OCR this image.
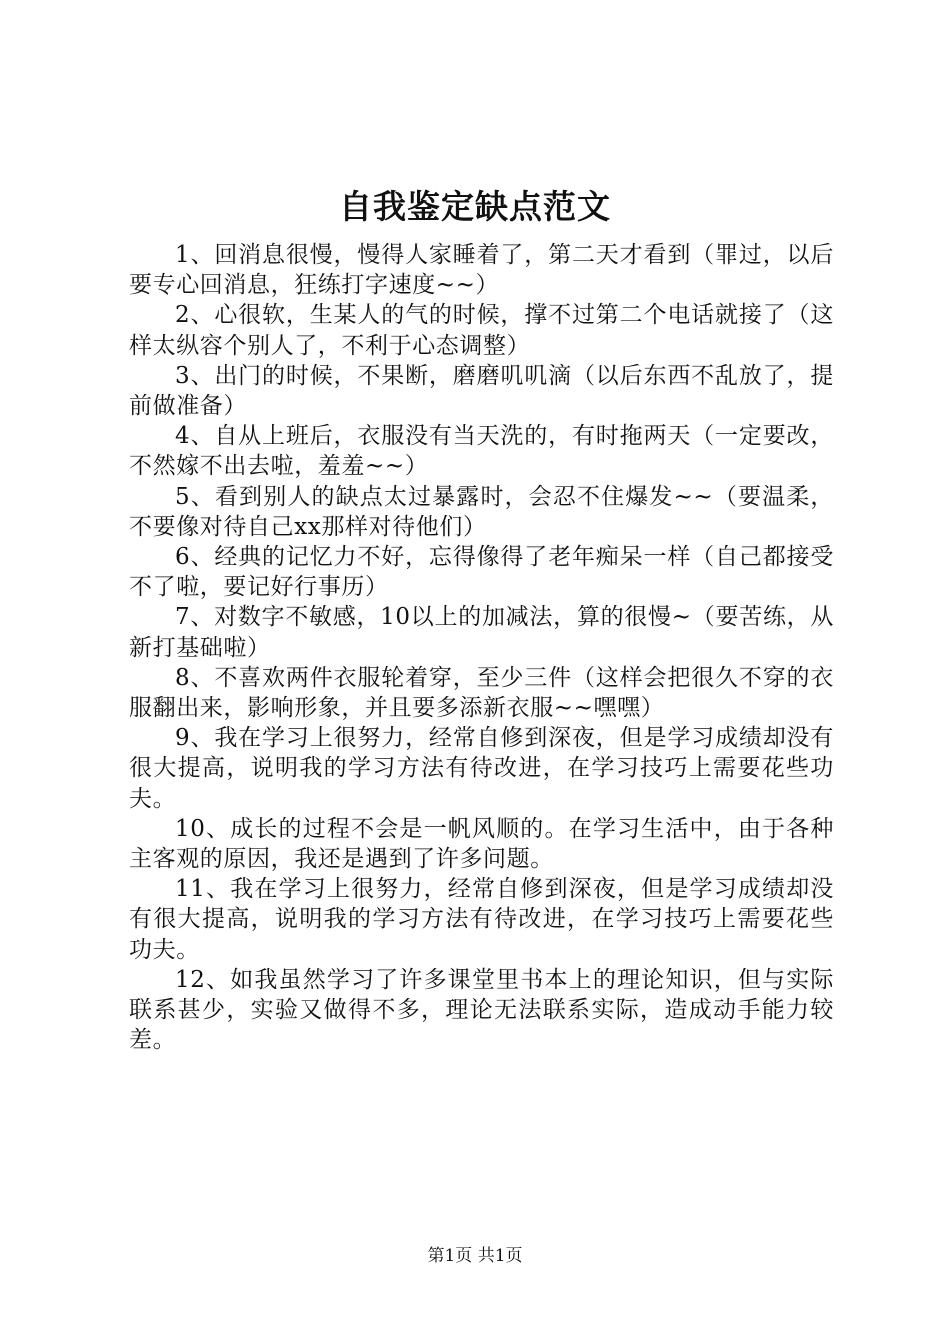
自我鉴定缺点范文

1、回消息很慢，慢得人家睡着了，第二天才看到（罪过，以后要专心回消息，狂练打字速度~~）

2、心很软，生某人的气的时候，撑不过第二个电话就接了（这样太纵容个别人了，不利于心态调整）

3、出门的时候，不果断，磨磨叽叽滴（以后东西不乱放了，提前做准备）

4、自从上班后，衣服没有当天洗的，有时拖两天（一定要改，不然嫁不出去啦，羞羞~~）

5、看到别人的缺点太过暴露时，会忍不住爆发~~（要温柔，不要像对待自己xx那样对待他们）

6、经典的记忆力不好，忘得像得了老年痴呆一样（自己都接受不了啦，要记好行事历）

7、对数字不敏感，10以上的加减法，算的很慢~（要苦练，从新打基础啦）

8、不喜欢两件衣服轮着穿，至少三件（这样会把很久不穿的衣服翻出来，影响形象，并且要多添新衣服~~嘿嘿）

9、我在学习上很努力，经常自修到深夜，但是学习成绩却没有很大提高，说明我的学习方法有待改进，在学习技巧上需要花些功夫。

10、成长的过程不会是一帆风顺的。在学习生活中，由于各种主客观的原因，我还是遇到了许多问题。

11、我在学习上很努力，经常自修到深夜，但是学习成绩却没有很大提高，说明我的学习方法有待改进，在学习技巧上需要花些功夫。

12、如我虽然学习了许多课堂里书本上的理论知识，但与实际联系甚少，实验又做得不多，理论无法联系实际，造成动手能力较差。

第1页 共1页
